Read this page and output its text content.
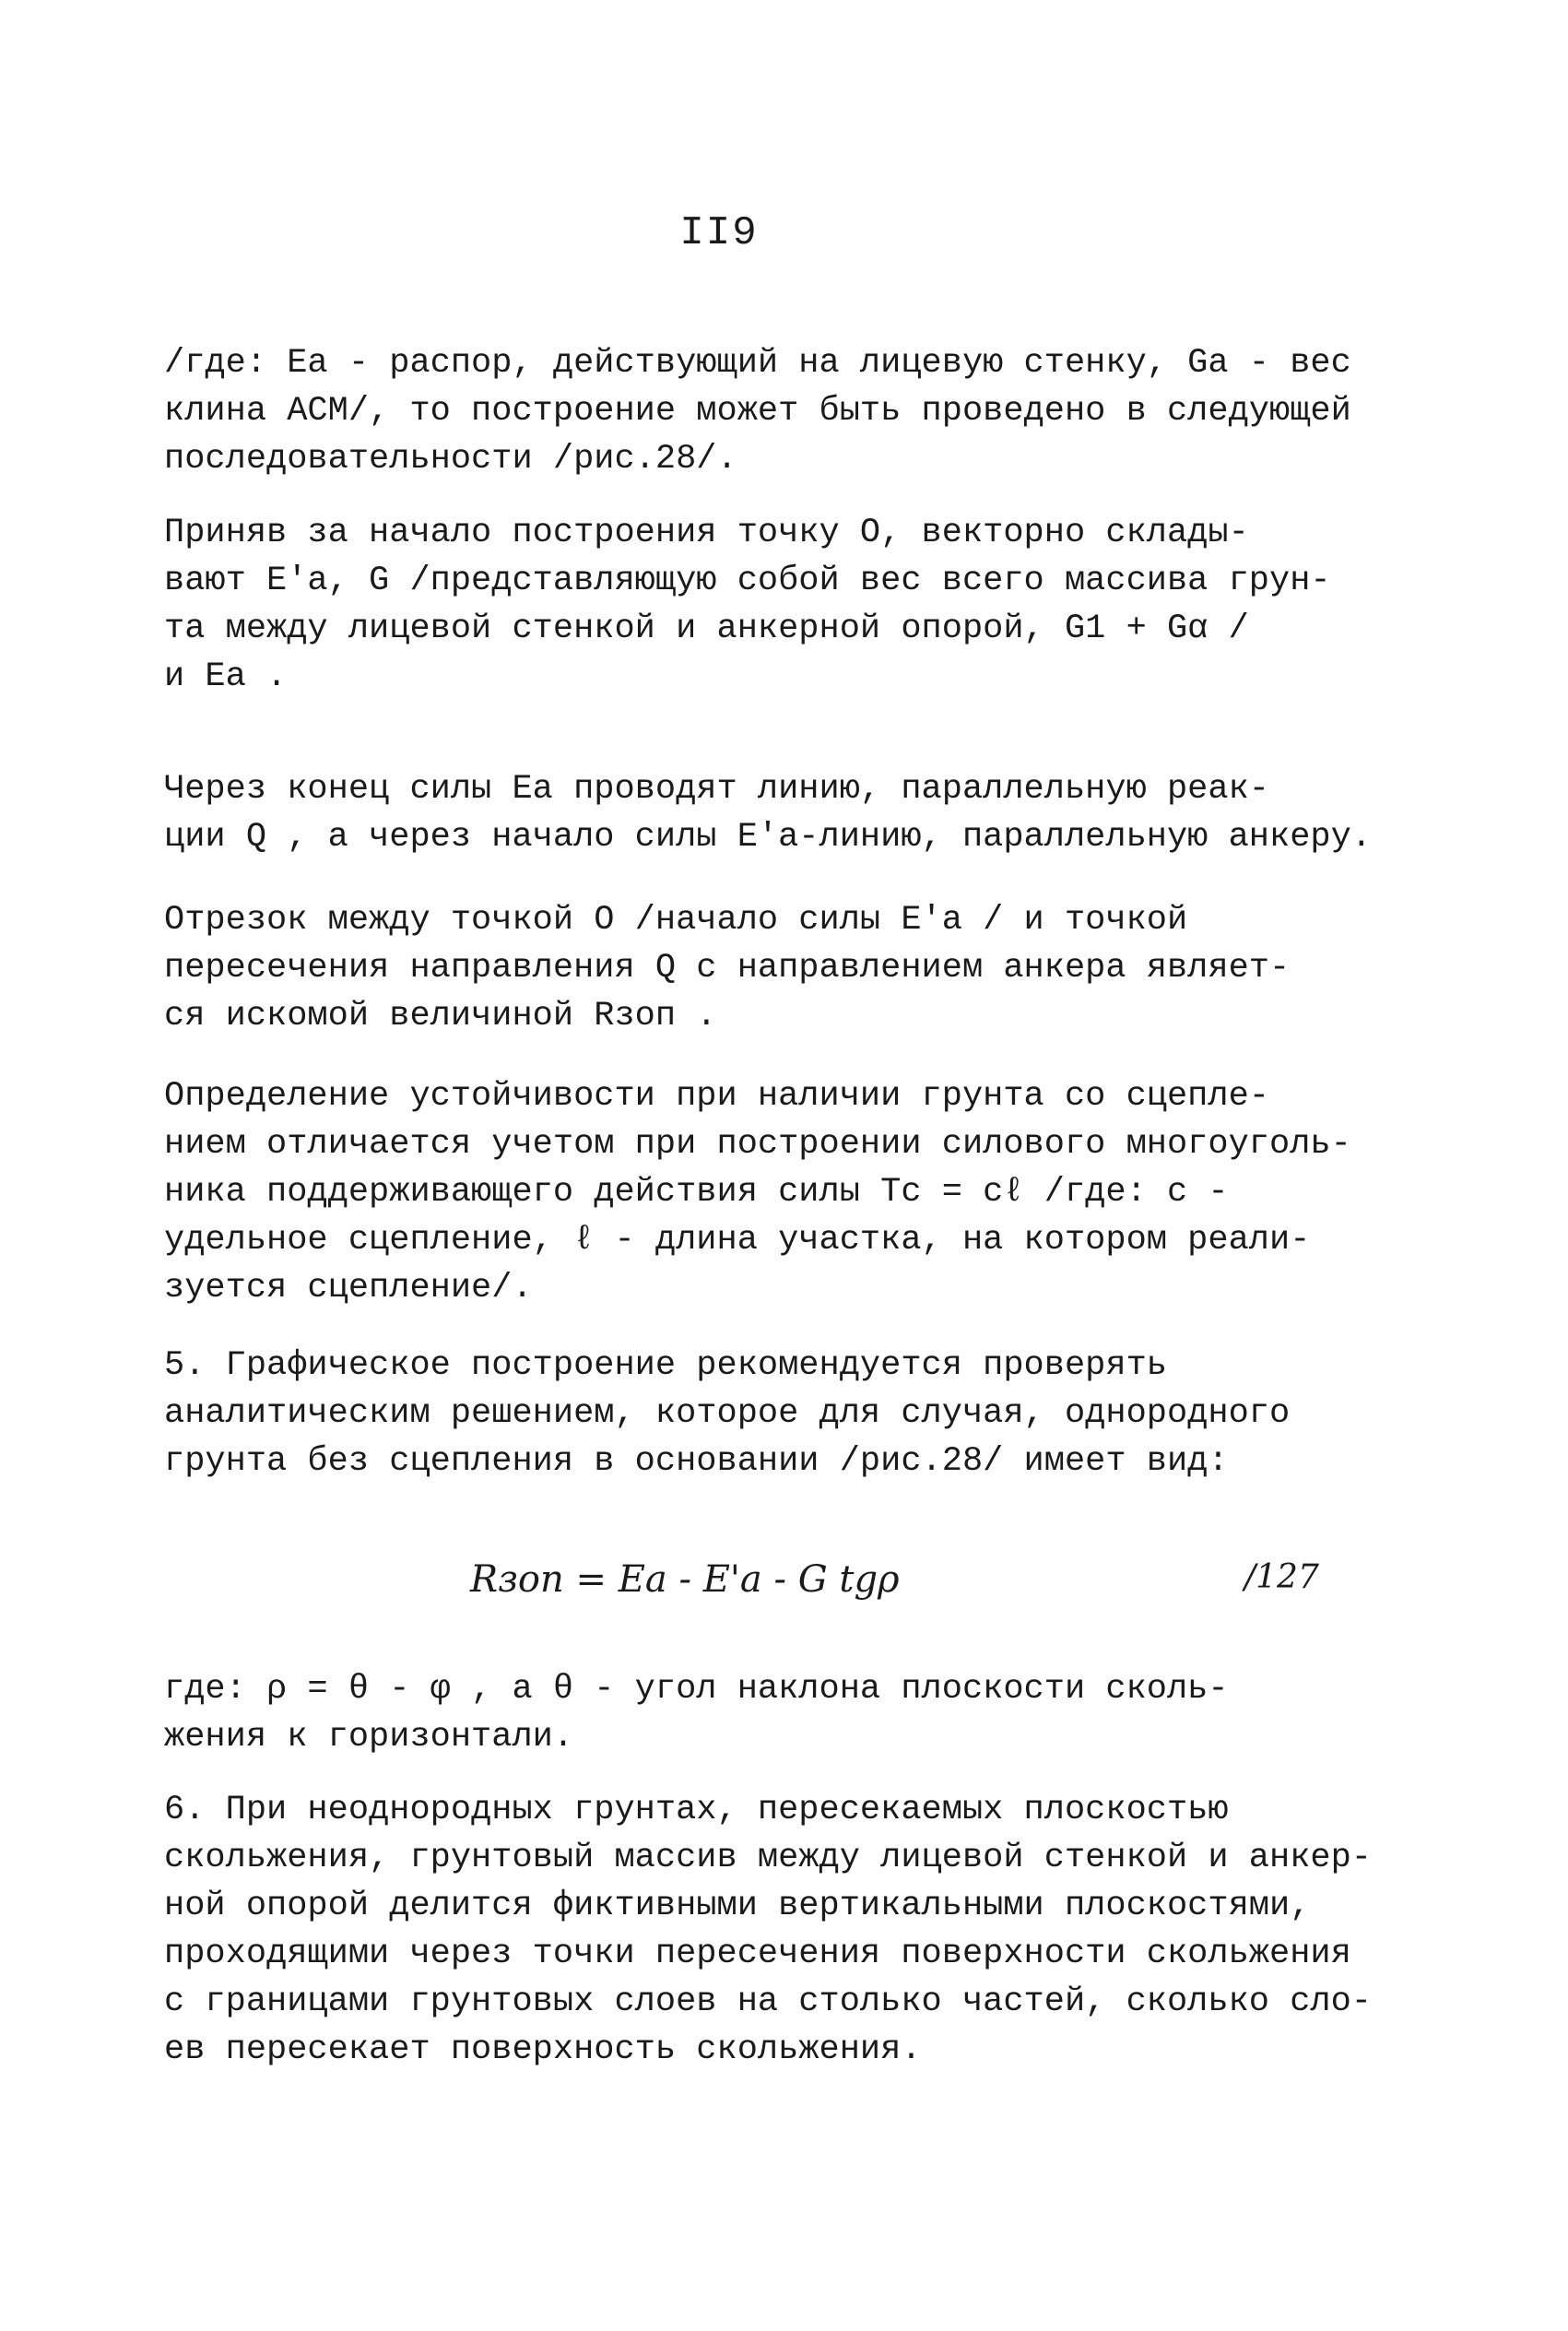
II9
/где: Eа - распор, действующий на лицевую стенку, Gа - вес
клина АСМ/, то построение может быть проведено в следующей
последовательности /рис.28/.
Приняв за начало построения точку О, векторно склады-
вают E'а, G /представляющую собой вес всего массива грун-
та между лицевой стенкой и анкерной опорой, G1 + Gα /
и Eа .
Через конец силы Eа проводят линию, параллельную реак-
ции Q , а через начало силы E'а-линию, параллельную анкеру.
Отрезок между точкой О /начало силы E'а / и точкой
пересечения направления Q с направлением анкера являет-
ся искомой величиной Rзоп .
Определение устойчивости при наличии грунта со сцепле-
нием отличается учетом при построении силового многоуголь-
ника поддерживающего действия силы Tc = cℓ /где: c -
удельное сцепление, ℓ - длина участка, на котором реали-
зуется сцепление/.
5. Графическое построение рекомендуется проверять
аналитическим решением, которое для случая, однородного
грунта без сцепления в основании /рис.28/ имеет вид:
Rзоп = Eа - E'а - G tgρ	/127
где: ρ = θ - φ , а θ - угол наклона плоскости сколь-
жения к горизонтали.
6. При неоднородных грунтах, пересекаемых плоскостью
скольжения, грунтовый массив между лицевой стенкой и анкер-
ной опорой делится фиктивными вертикальными плоскостями,
проходящими через точки пересечения поверхности скольжения
с границами грунтовых слоев на столько частей, сколько сло-
ев пересекает поверхность скольжения.
